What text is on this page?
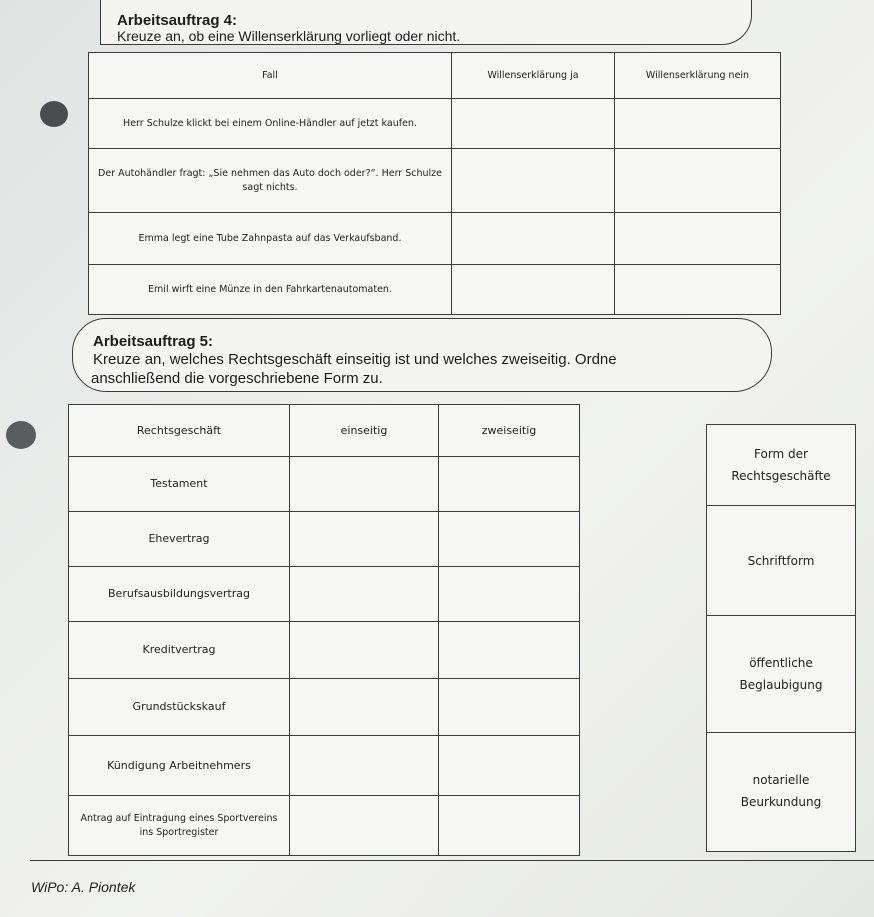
Arbeitsauftrag 4:
Kreuze an, ob eine Willenserklärung vorliegt oder nicht.
Fall	Willenserklärung ja	Willenserklärung nein
Herr Schulze klickt bei einem Online-Händler auf jetzt kaufen.		
Der Autohändler fragt: „Sie nehmen das Auto doch oder?“. Herr Schulze sagt nichts.		
Emma legt eine Tube Zahnpasta auf das Verkaufsband.		
Emil wirft eine Münze in den Fahrkartenautomaten.		
Arbeitsauftrag 5:
Kreuze an, welches Rechtsgeschäft einseitig ist und welches zweiseitig. Ordne
anschließend die vorgeschriebene Form zu.
Rechtsgeschäft	einseitig	zweiseitig
Testament		
Ehevertrag		
Berufsausbildungsvertrag		
Kreditvertrag		
Grundstückskauf		
Kündigung Arbeitnehmers		
Antrag auf Eintragung eines Sportvereins ins Sportregister		
Form der
Rechtsgeschäfte
Schriftform
öffentliche
Beglaubigung
notarielle
Beurkundung
WiPo: A. Piontek
